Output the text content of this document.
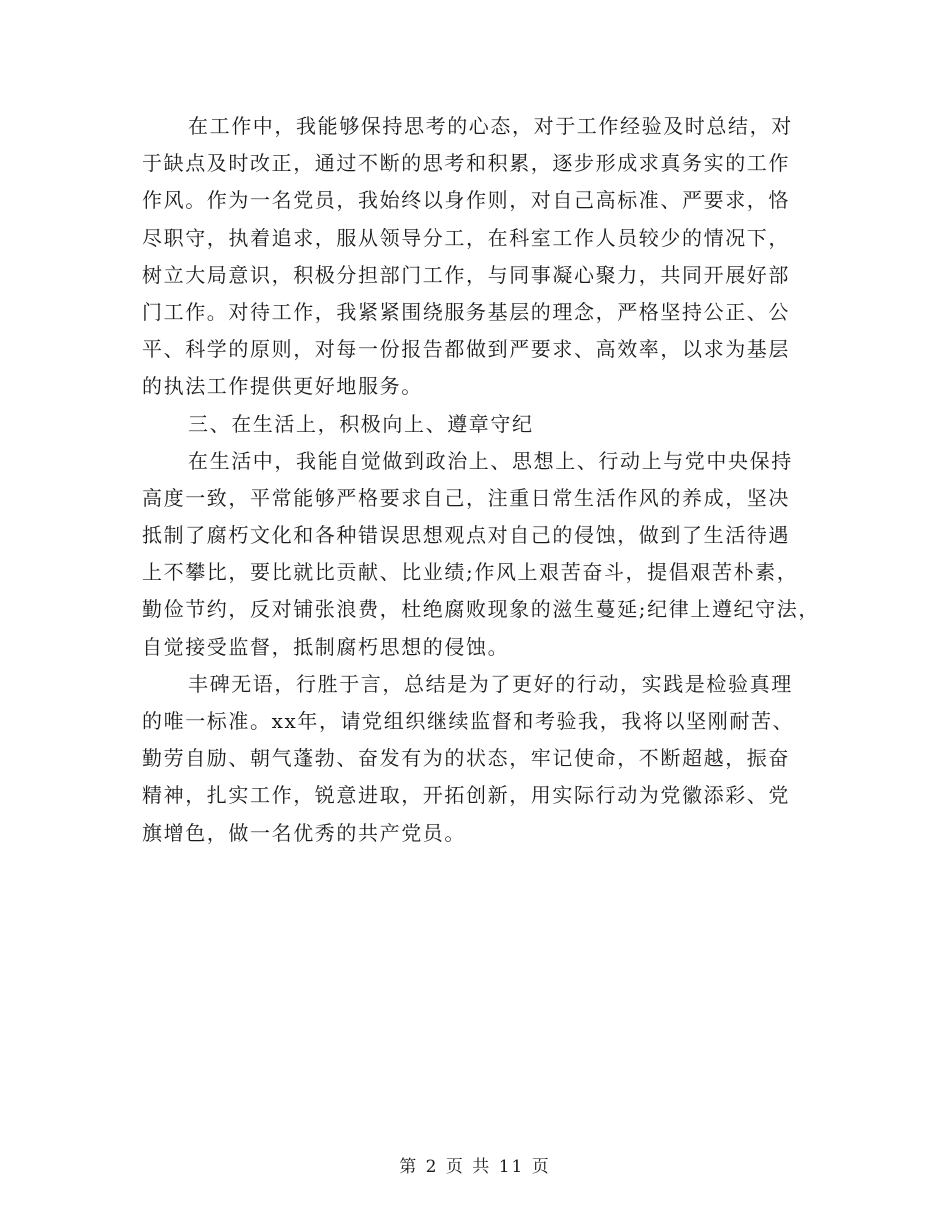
在工作中，我能够保持思考的心态，对于工作经验及时总结，对
于缺点及时改正，通过不断的思考和积累，逐步形成求真务实的工作
作风。作为一名党员，我始终以身作则，对自己高标准、严要求，恪
尽职守，执着追求，服从领导分工，在科室工作人员较少的情况下，
树立大局意识，积极分担部门工作，与同事凝心聚力，共同开展好部
门工作。对待工作，我紧紧围绕服务基层的理念，严格坚持公正、公
平、科学的原则，对每一份报告都做到严要求、高效率，以求为基层
的执法工作提供更好地服务。
三、在生活上，积极向上、遵章守纪
在生活中，我能自觉做到政治上、思想上、行动上与党中央保持
高度一致，平常能够严格要求自己，注重日常生活作风的养成，坚决
抵制了腐朽文化和各种错误思想观点对自己的侵蚀，做到了生活待遇
上不攀比，要比就比贡献、比业绩;作风上艰苦奋斗，提倡艰苦朴素，
勤俭节约，反对铺张浪费，杜绝腐败现象的滋生蔓延;纪律上遵纪守法，
自觉接受监督，抵制腐朽思想的侵蚀。
丰碑无语，行胜于言，总结是为了更好的行动，实践是检验真理
的唯一标准。xx年，请党组织继续监督和考验我，我将以坚刚耐苦、
勤劳自励、朝气蓬勃、奋发有为的状态，牢记使命，不断超越，振奋
精神，扎实工作，锐意进取，开拓创新，用实际行动为党徽添彩、党
旗增色，做一名优秀的共产党员。
第 2 页 共 11 页
